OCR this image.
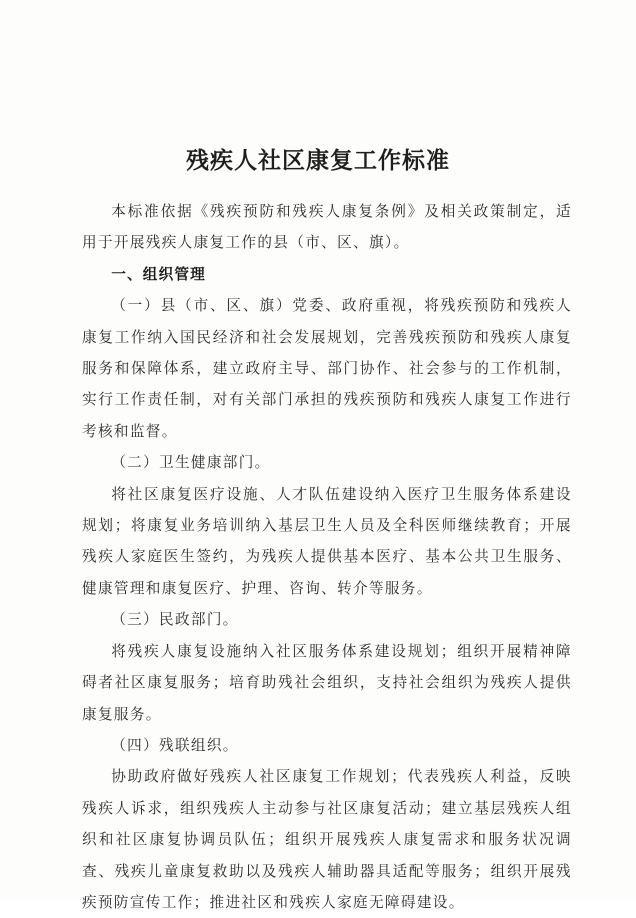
残疾人社区康复工作标准

本标准依据《残疾预防和残疾人康复条例》及相关政策制定，适用于开展残疾人康复工作的县（市、区、旗）。

一、组织管理

（一）县（市、区、旗）党委、政府重视，将残疾预防和残疾人康复工作纳入国民经济和社会发展规划，完善残疾预防和残疾人康复服务和保障体系，建立政府主导、部门协作、社会参与的工作机制，实行工作责任制，对有关部门承担的残疾预防和残疾人康复工作进行考核和监督。

（二）卫生健康部门。

将社区康复医疗设施、人才队伍建设纳入医疗卫生服务体系建设规划；将康复业务培训纳入基层卫生人员及全科医师继续教育；开展残疾人家庭医生签约，为残疾人提供基本医疗、基本公共卫生服务、健康管理和康复医疗、护理、咨询、转介等服务。

（三）民政部门。

将残疾人康复设施纳入社区服务体系建设规划；组织开展精神障碍者社区康复服务；培育助残社会组织，支持社会组织为残疾人提供康复服务。

（四）残联组织。

协助政府做好残疾人社区康复工作规划；代表残疾人利益，反映残疾人诉求，组织残疾人主动参与社区康复活动；建立基层残疾人组织和社区康复协调员队伍；组织开展残疾人康复需求和服务状况调查、残疾儿童康复救助以及残疾人辅助器具适配等服务；组织开展残疾预防宣传工作；推进社区和残疾人家庭无障碍建设。
